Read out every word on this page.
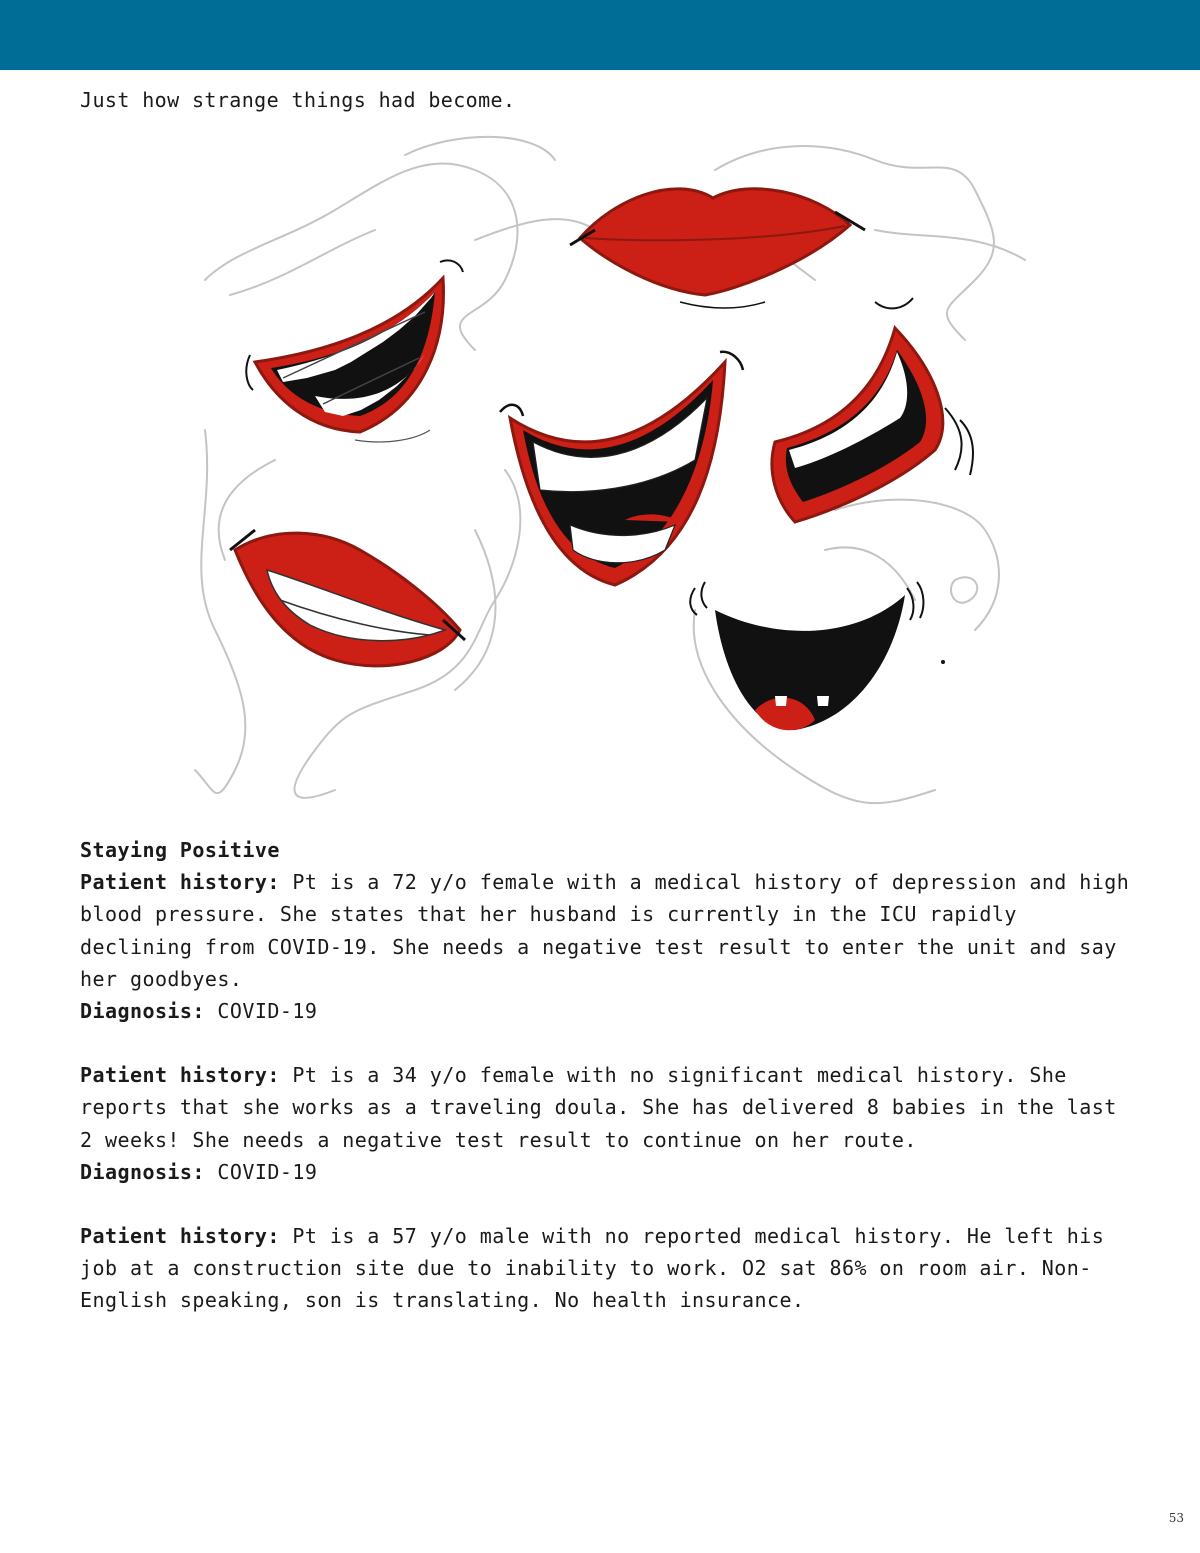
Just how strange things had become.

Staying Positive

Patient history: Pt is a 72 y/o female with a medical history of depression and high blood pressure. She states that her husband is currently in the ICU rapidly declining from COVID-19. She needs a negative test result to enter the unit and say her goodbyes.

Diagnosis: COVID-19

Patient history: Pt is a 34 y/o female with no significant medical history. She reports that she works as a traveling doula. She has delivered 8 babies in the last 2 weeks! She needs a negative test result to continue on her route.

Diagnosis: COVID-19

Patient history: Pt is a 57 y/o male with no reported medical history. He left his job at a construction site due to inability to work. O2 sat 86% on room air. Non-English speaking, son is translating. No health insurance.

53
